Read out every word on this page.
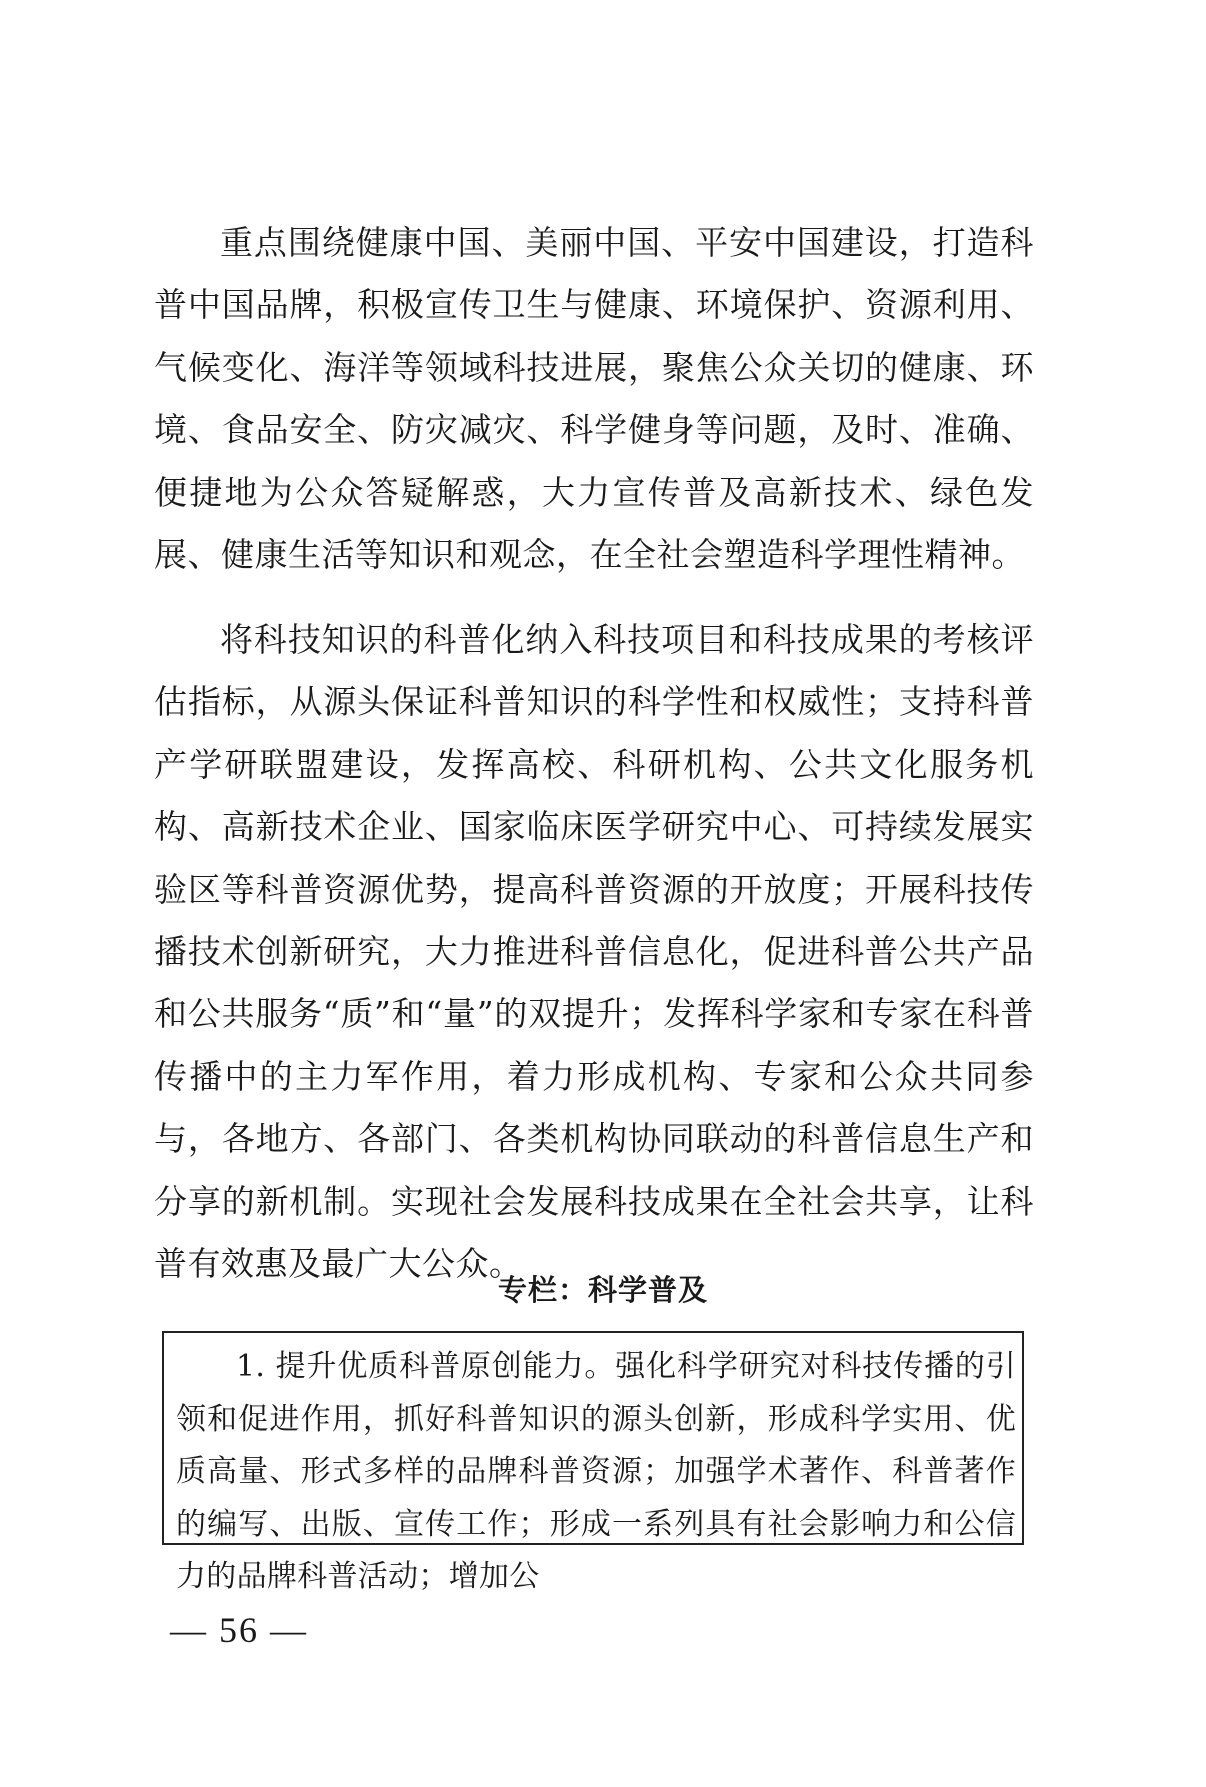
重点围绕健康中国、美丽中国、平安中国建设，打造科普中国品牌，积极宣传卫生与健康、环境保护、资源利用、气候变化、海洋等领域科技进展，聚焦公众关切的健康、环境、食品安全、防灾减灾、科学健身等问题，及时、准确、便捷地为公众答疑解惑，大力宣传普及高新技术、绿色发展、健康生活等知识和观念，在全社会塑造科学理性精神。

将科技知识的科普化纳入科技项目和科技成果的考核评估指标，从源头保证科普知识的科学性和权威性；支持科普产学研联盟建设，发挥高校、科研机构、公共文化服务机构、高新技术企业、国家临床医学研究中心、可持续发展实验区等科普资源优势，提高科普资源的开放度；开展科技传播技术创新研究，大力推进科普信息化，促进科普公共产品和公共服务“质”和“量”的双提升；发挥科学家和专家在科普传播中的主力军作用，着力形成机构、专家和公众共同参与，各地方、各部门、各类机构协同联动的科普信息生产和分享的新机制。实现社会发展科技成果在全社会共享，让科普有效惠及最广大公众。

专栏：科学普及

1. 提升优质科普原创能力。强化科学研究对科技传播的引领和促进作用，抓好科普知识的源头创新，形成科学实用、优质高量、形式多样的品牌科普资源；加强学术著作、科普著作的编写、出版、宣传工作；形成一系列具有社会影响力和公信力的品牌科普活动；增加公

— 56 —
